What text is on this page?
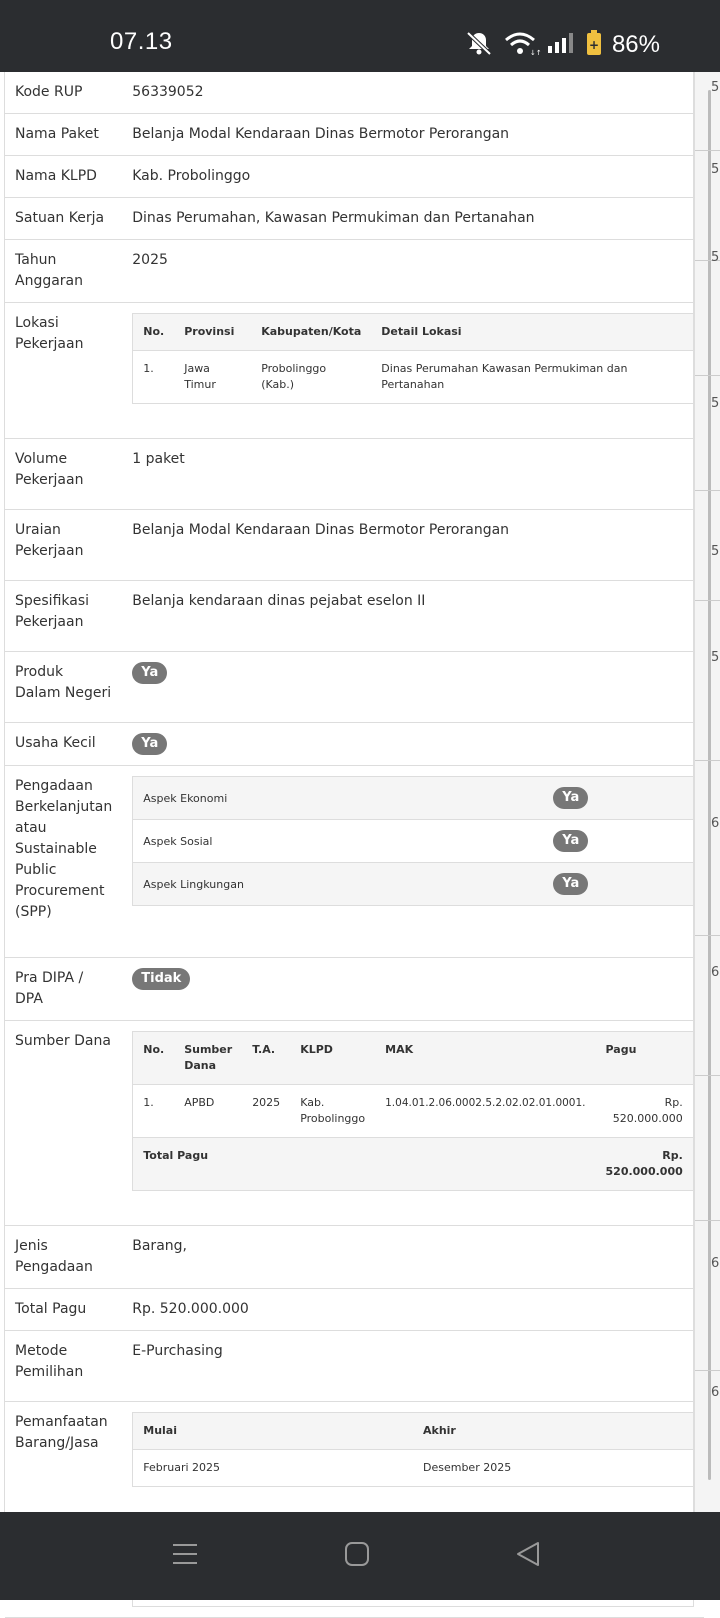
07.13	↓↑
+ 86%
Kode RUP	56339052
Nama Paket	Belanja Modal Kendaraan Dinas Bermotor Perorangan
Nama KLPD	Kab. Probolinggo
Satuan Kerja	Dinas Perumahan, Kawasan Permukiman dan Pertanahan
Tahun Anggaran	2025
Lokasi Pekerjaan	
No.	Provinsi	Kabupaten/Kota	Detail Lokasi
1.	Jawa Timur	Probolinggo (Kab.)	Dinas Perumahan Kawasan Permukiman dan Pertanahan

Volume Pekerjaan	1 paket
Uraian Pekerjaan	Belanja Modal Kendaraan Dinas Bermotor Perorangan
Spesifikasi Pekerjaan	Belanja kendaraan dinas pejabat eselon II
Produk Dalam Negeri	Ya
Usaha Kecil	Ya
Pengadaan Berkelanjutan atau Sustainable Public Procurement (SPP)	
Aspek Ekonomi	Ya
Aspek Sosial	Ya
Aspek Lingkungan	Ya

Pra DIPA / DPA	Tidak
Sumber Dana	
No.	Sumber Dana	T.A.	KLPD	MAK	Pagu
1.	APBD	2025	Kab. Probolinggo	1.04.01.2.06.0002.5.2.02.02.01.0001.	Rp. 520.000.000
Total Pagu	Rp. 520.000.000

Jenis Pengadaan	Barang,
Total Pagu	Rp. 520.000.000
Metode Pemilihan	E-Purchasing
Pemanfaatan Barang/Jasa	
Mulai	Akhir
Februari 2025	Desember 2025

5
5
5
5
5
5
6
6
6
6
